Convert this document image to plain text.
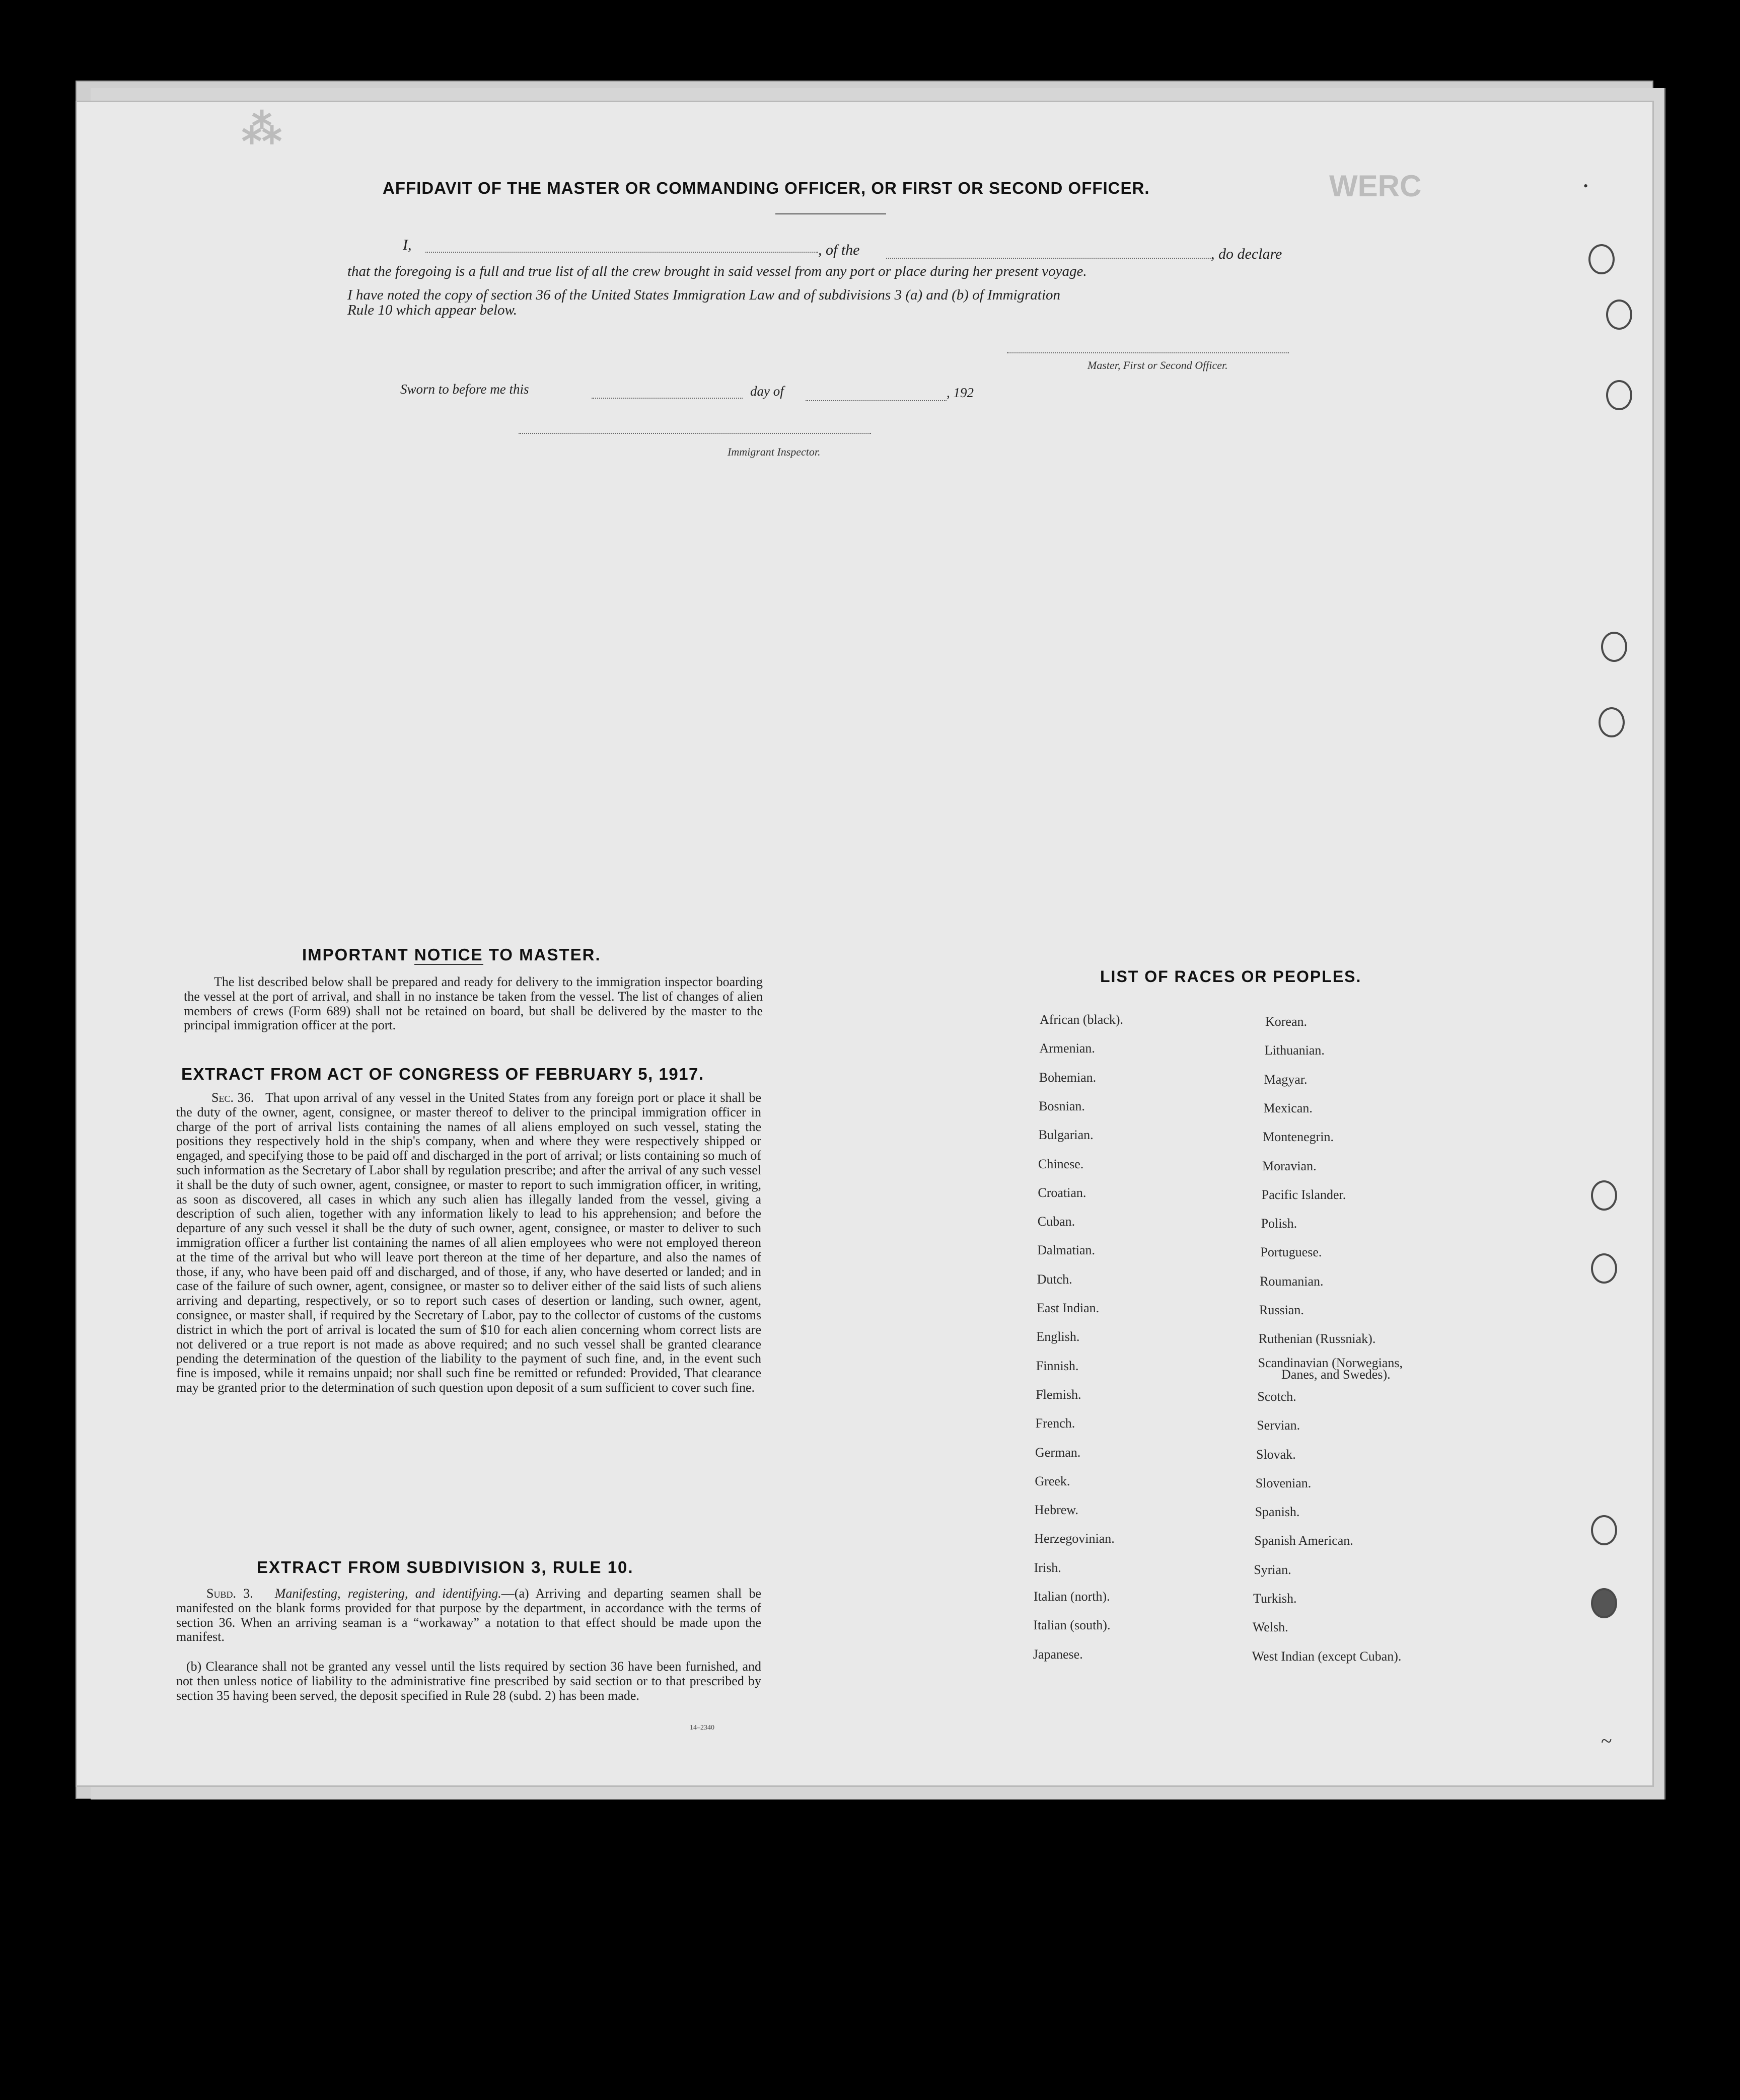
WERC
⁂
AFFIDAVIT OF THE MASTER OR COMMANDING OFFICER, OR FIRST OR SECOND OFFICER.
I,	, of the	, do declare
that the foregoing is a full and true list of all the crew brought in said vessel from any port or place during her present voyage.
I have noted the copy of section 36 of the United States Immigration Law and of subdivisions 3 (a) and (b) of Immigration
Rule 10 which appear below.
Master, First or Second Officer.
Sworn to before me this	day of	, 192
Immigrant Inspector.
IMPORTANT NOTICE TO MASTER.
The list described below shall be prepared and ready for delivery to the immigration inspector boarding the vessel at the port of arrival, and shall in no instance be taken from the vessel. The list of changes of alien members of crews (Form 689) shall not be retained on board, but shall be delivered by the master to the principal immigration officer at the port.
EXTRACT FROM ACT OF CONGRESS OF FEBRUARY 5, 1917.
Sec. 36. That upon arrival of any vessel in the United States from any foreign port or place it shall be the duty of the owner, agent, consignee, or master thereof to deliver to the principal immigration officer in charge of the port of arrival lists containing the names of all aliens employed on such vessel, stating the positions they respectively hold in the ship's company, when and where they were respectively shipped or engaged, and specifying those to be paid off and discharged in the port of arrival; or lists containing so much of such information as the Secretary of Labor shall by regulation prescribe; and after the arrival of any such vessel it shall be the duty of such owner, agent, consignee, or master to report to such immigration officer, in writing, as soon as discovered, all cases in which any such alien has illegally landed from the vessel, giving a description of such alien, together with any information likely to lead to his apprehension; and before the departure of any such vessel it shall be the duty of such owner, agent, consignee, or master to deliver to such immigration officer a further list containing the names of all alien employees who were not employed thereon at the time of the arrival but who will leave port thereon at the time of her departure, and also the names of those, if any, who have been paid off and discharged, and of those, if any, who have deserted or landed; and in case of the failure of such owner, agent, consignee, or master so to deliver either of the said lists of such aliens arriving and departing, respectively, or so to report such cases of desertion or landing, such owner, agent, consignee, or master shall, if required by the Secretary of Labor, pay to the collector of customs of the customs district in which the port of arrival is located the sum of $10 for each alien concerning whom correct lists are not delivered or a true report is not made as above required; and no such vessel shall be granted clearance pending the determination of the question of the liability to the payment of such fine, and, in the event such fine is imposed, while it remains unpaid; nor shall such fine be remitted or refunded: Provided, That clearance may be granted prior to the determination of such question upon deposit of a sum sufficient to cover such fine.
EXTRACT FROM SUBDIVISION 3, RULE 10.
Subd. 3. Manifesting, registering, and identifying.—(a) Arriving and departing seamen shall be manifested on the blank forms provided for that purpose by the department, in accordance with the terms of section 36. When an arriving seaman is a “workaway” a notation to that effect should be made upon the manifest.
(b) Clearance shall not be granted any vessel until the lists required by section 36 have been furnished, and not then unless notice of liability to the administrative fine prescribed by said section or to that prescribed by section 35 having been served, the deposit specified in Rule 28 (subd. 2) has been made.
14–2340
LIST OF RACES OR PEOPLES.
African (black).
Armenian.
Bohemian.
Bosnian.
Bulgarian.
Chinese.
Croatian.
Cuban.
Dalmatian.
Dutch.
East Indian.
English.
Finnish.
Flemish.
French.
German.
Greek.
Hebrew.
Herzegovinian.
Irish.
Italian (north).
Italian (south).
Japanese.
Korean.
Lithuanian.
Magyar.
Mexican.
Montenegrin.
Moravian.
Pacific Islander.
Polish.
Portuguese.
Roumanian.
Russian.
Ruthenian (Russniak).
Scandinavian (Norwegians,
Scotch.
Servian.
Slovak.
Slovenian.
Spanish.
Spanish American.
Syrian.
Turkish.
Welsh.
West Indian (except Cuban).
Danes, and Swedes).
•
~
